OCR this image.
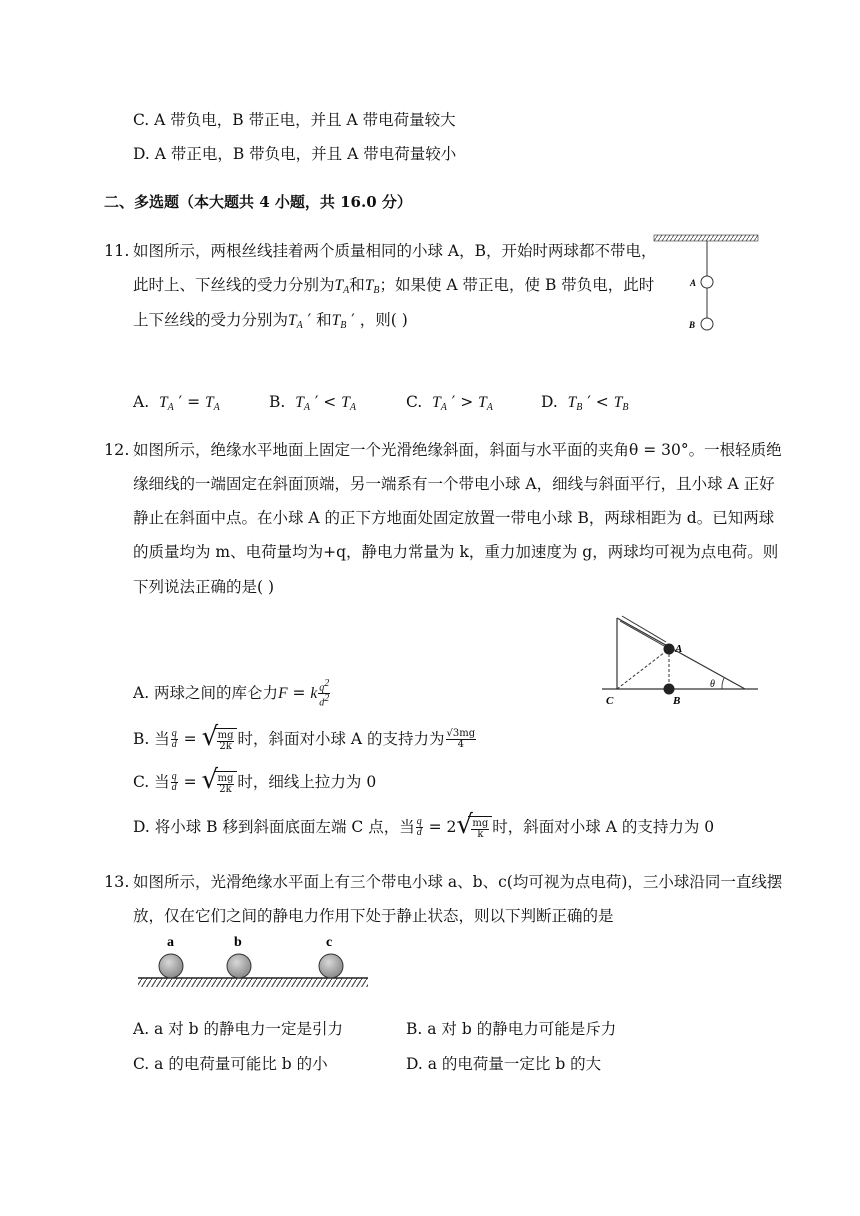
C. A 带负电，B 带正电，并且 A 带电荷量较大
D. A 带正电，B 带负电，并且 A 带电荷量较小
二、多选题（本大题共 4 小题，共 16.0 分）
11. 如图所示，两根丝线挂着两个质量相同的小球 A，B，开始时两球都不带电，
此时上、下丝线的受力分别为$T_A$和$T_B$；如果使 A 带正电，使 B 带负电，此时
上下丝线的受力分别为$T_A$ ′ 和$T_B$ ′ ，则( )
A
B
A. $T_A$ ′ = $T_A$	B. $T_A$ ′ < $T_A$	C. $T_A$ ′ > $T_A$	D. $T_B$ ′ < $T_B$
12. 如图所示，绝缘水平地面上固定一个光滑绝缘斜面，斜面与水平面的夹角θ = 30°。一根轻质绝
缘细线的一端固定在斜面顶端，另一端系有一个带电小球 A，细线与斜面平行，且小球 A 正好
静止在斜面中点。在小球 A 的正下方地面处固定放置一带电小球 B，两球相距为 d。已知两球
的质量均为 m、电荷量均为+q，静电力常量为 k，重力加速度为 g，两球均可视为点电荷。则
下列说法正确的是( )
A
B
C
θ
A. 两球之间的库仑力F = k $\frac{q^2}{d^2}$
B. 当 $\frac{q}{d}$ = √
$\frac{mg}{2k}$ 时，斜面对小球 A 的支持力为 $\frac{√3mg}{4}$
C. 当 $\frac{q}{d}$ = √
$\frac{mg}{2k}$ 时，细线上拉力为 0
D. 将小球 B 移到斜面底面左端 C 点，当 $\frac{q}{d} = 2$ √
$\frac{mg}{k}$ 时，斜面对小球 A 的支持力为 0
13. 如图所示，光滑绝缘水平面上有三个带电小球 a、b、c(均可视为点电荷)，三小球沿同一直线摆
放，仅在它们之间的静电力作用下处于静止状态，则以下判断正确的是
a	b	c
A. a 对 b 的静电力一定是引力	B. a 对 b 的静电力可能是斥力
C. a 的电荷量可能比 b 的小	D. a 的电荷量一定比 b 的大
